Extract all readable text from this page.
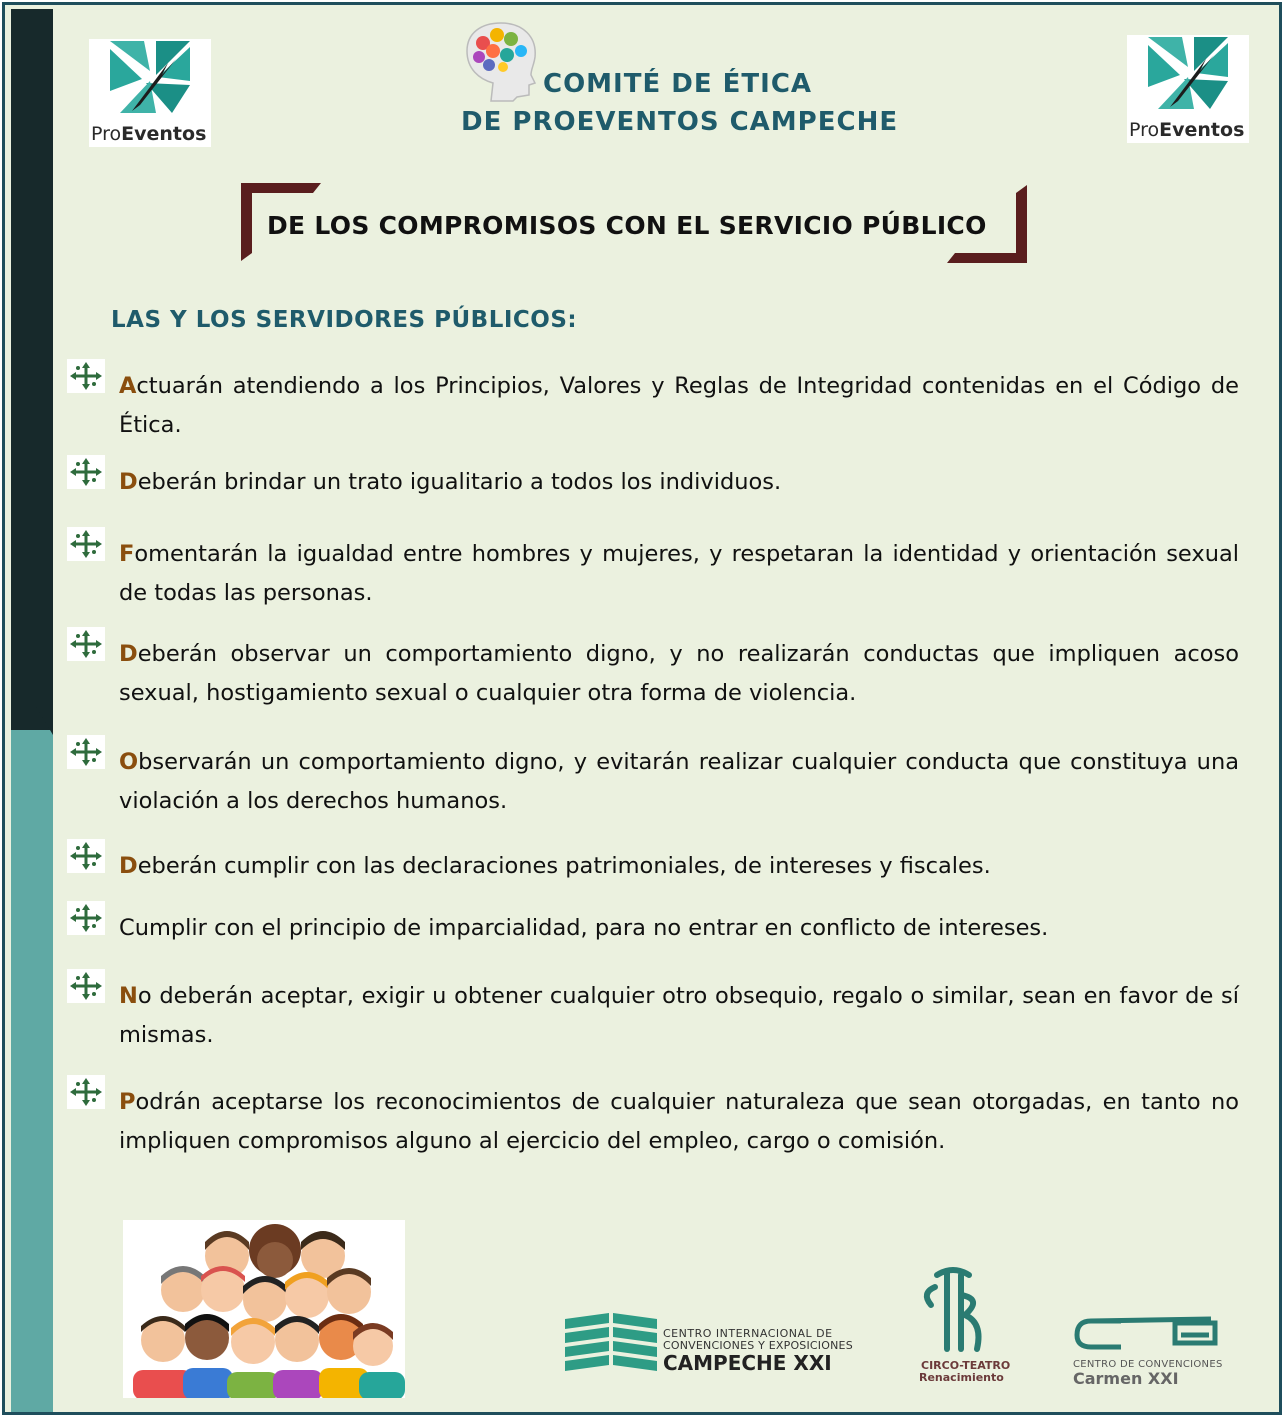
ProEventos	ProEventos
COMITÉ DE ÉTICA
DE PROEVENTOS CAMPECHE
DE LOS COMPROMISOS CON EL SERVICIO PÚBLICO
LAS Y LOS SERVIDORES PÚBLICOS:
Actuarán atendiendo a los Principios, Valores y Reglas de Integridad contenidas en el Código de Ética.
Deberán brindar un trato igualitario a todos los individuos.
Fomentarán la igualdad entre hombres y mujeres, y respetaran la identidad y orientación sexual de todas las personas.
Deberán observar un comportamiento digno, y no realizarán conductas que impliquen acoso sexual, hostigamiento sexual o cualquier otra forma de violencia.
Observarán un comportamiento digno, y evitarán realizar cualquier conducta que constituya una violación a los derechos humanos.
Deberán cumplir con las declaraciones patrimoniales, de intereses y fiscales.
Cumplir con el principio de imparcialidad, para no entrar en conflicto de intereses.
No deberán aceptar, exigir u obtener cualquier otro obsequio, regalo o similar, sean en favor de sí mismas.
Podrán aceptarse los reconocimientos de cualquier naturaleza que sean otorgadas, en tanto no impliquen compromisos alguno al ejercicio del empleo, cargo o comisión.
CENTRO INTERNACIONAL DE
CONVENCIONES Y EXPOSICIONES
CAMPECHE XXI	CIRCO-TEATRO
Renacimiento
CENTRO DE CONVENCIONES
Carmen XXI
